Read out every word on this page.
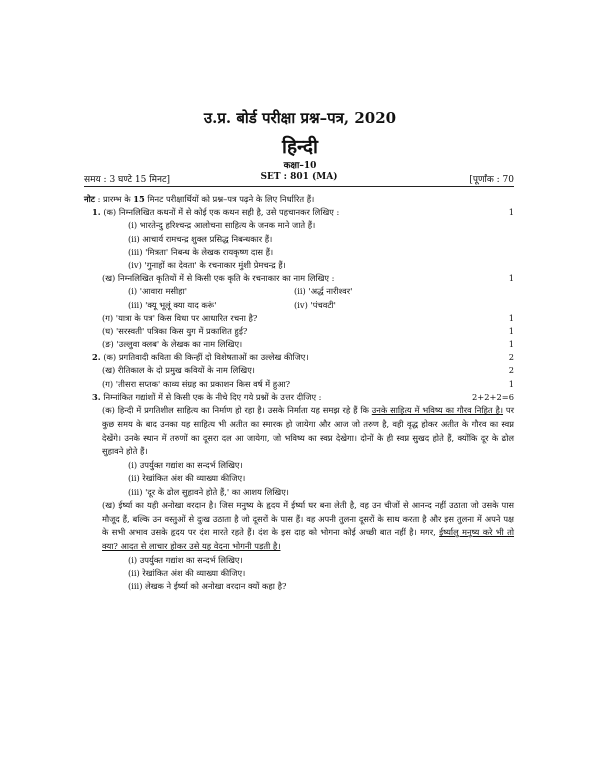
उ.प्र. बोर्ड परीक्षा प्रश्न–पत्र, 2020
हिन्दी
कक्षा–10
समय : 3 घण्टे 15 मिनट]	SET : 801 (MA)	[पूर्णांक : 70
नोट : प्रारम्भ के 15 मिनट परीक्षार्थियों को प्रश्न–पत्र पढ़ने के लिए निर्धारित हैं।
1. (क) निम्नलिखित कथनों में से कोई एक कथन सही है, उसे पहचानकर लिखिए :	1
(i) भारतेन्दु हरिश्चन्द्र आलोचना साहित्य के जनक माने जाते हैं।
(ii) आचार्य रामचन्द्र शुक्ल प्रसिद्ध निबन्धकार हैं।
(iii) 'मित्रता' निबन्ध के लेखक रायकृष्ण दास हैं।
(iv) 'गुनाहों का देवता' के रचनाकार मुंशी प्रेमचन्द्र हैं।
(ख) निम्नलिखित कृतियों में से किसी एक कृति के रचनाकार का नाम लिखिए :	1
(i) 'आवारा मसीहा'	(ii) 'अर्द्ध नारीश्वर'
(iii) 'क्यू भूलूं क्या याद करूं'	(iv) 'पंचवटी'
(ग) 'यात्रा के पत्र' किस विधा पर आधारित रचना है?	1
(घ) 'सरस्वती' पत्रिका किस युग में प्रकाशित हुई?	1
(ङ) 'उल्लुवा क्लब' के लेखक का नाम लिखिए।	1
2. (क) प्रगतिवादी कविता की किन्हीं दो विशेषताओं का उल्लेख कीजिए।	2
(ख) रीतिकाल के दो प्रमुख कवियों के नाम लिखिए।	2
(ग) 'तीसरा सप्तक' काव्य संग्रह का प्रकाशन किस वर्ष में हुआ?	1
3. निम्नांकित गद्यांशों में से किसी एक के नीचे दिए गये प्रश्नों के उत्तर दीजिए :	2+2+2=6
(क) हिन्दी में प्रगतिशील साहित्य का निर्माण हो रहा है। उसके निर्माता यह समझ रहे हैं कि उनके साहित्य में भविष्य का गौरव निहित है। पर कुछ समय के बाद उनका यह साहित्य भी अतीत का स्मारक हो जायेगा और आज जो तरुण है, वही वृद्ध होकर अतीत के गौरव का स्वप्न देखेंगे। उनके स्थान में तरुणों का दूसरा दल आ जायेगा, जो भविष्य का स्वप्न देखेगा। दोनों के ही स्वप्न सुखद होते हैं, क्योंकि दूर के ढोल सुहावने होते हैं।
(i) उपर्युक्त गद्यांश का सन्दर्भ लिखिए।
(ii) रेखांकित अंश की व्याख्या कीजिए।
(iii) 'दूर के ढोल सुहावने होते हैं,' का आशय लिखिए।
(ख) ईर्ष्या का यही अनोखा वरदान है। जिस मनुष्य के हृदय में ईर्ष्या घर बना लेती है, वह उन चीजों से आनन्द नहीं उठाता जो उसके पास मौजूद हैं, बल्कि उन वस्तुओं से दुःख उठाता है जो दूसरों के पास हैं। वह अपनी तुलना दूसरों के साथ करता है और इस तुलना में अपने पक्ष के सभी अभाव उसके हृदय पर दंश मारते रहते हैं। दंश के इस दाह को भोगना कोई अच्छी बात नहीं है। मगर, ईर्ष्यालु मनुष्य करे भी तो क्या? आदत से लाचार होकर उसे यह वेदना भोगनी पड़ती है।
(i) उपर्युक्त गद्यांश का सन्दर्भ लिखिए।
(ii) रेखांकित अंश की व्याख्या कीजिए।
(iii) लेखक ने ईर्ष्या को अनोखा वरदान क्यों कहा है?
